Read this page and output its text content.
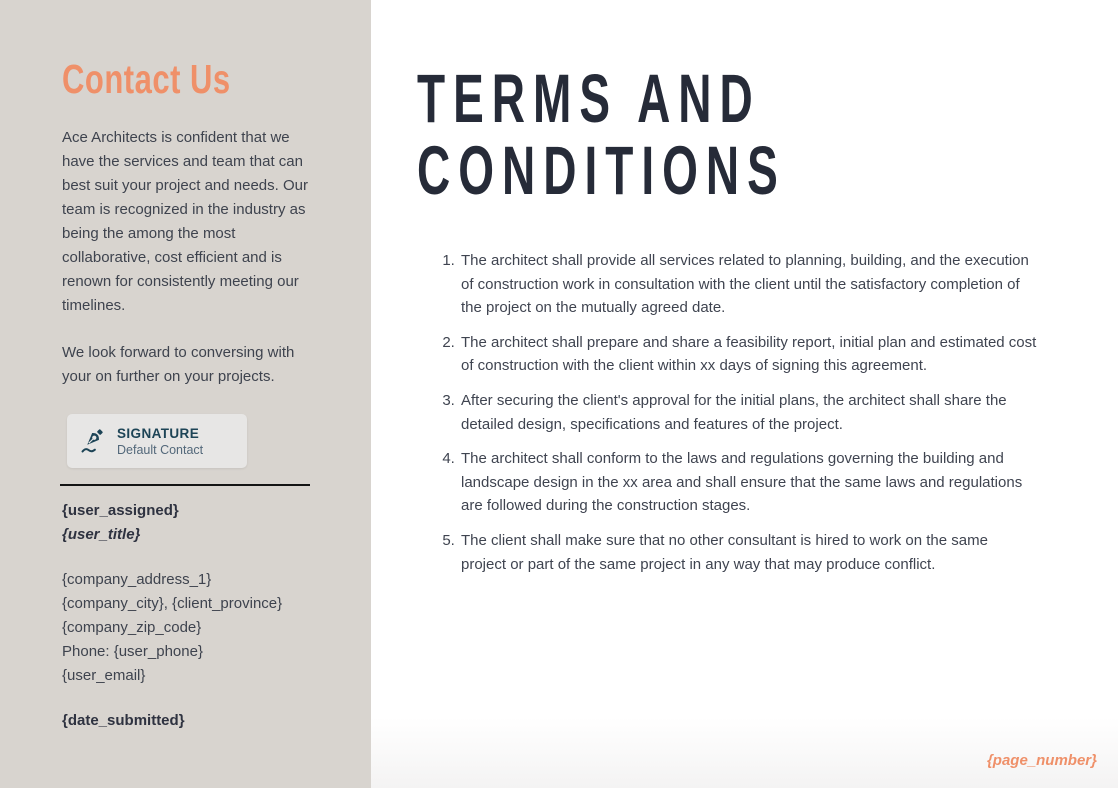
Contact Us

Ace Architects is confident that we have the services and team that can best suit your project and needs. Our team is recognized in the industry as being the among the most collaborative, cost efficient and is renown for consistently meeting our timelines.

We look forward to conversing with your on further on your projects.

SIGNATURE
Default Contact
{user_assigned}
{user_title}
{company_address_1}
{company_city}, {client_province}
{company_zip_code}
Phone: {user_phone}
{user_email}
{date_submitted}
TERMS AND
CONDITIONS
1. The architect shall provide all services related to planning, building, and the execution of construction work in consultation with the client until the satisfactory completion of the project on the mutually agreed date.
2. The architect shall prepare and share a feasibility report, initial plan and estimated cost of construction with the client within xx days of signing this agreement.
3. After securing the client's approval for the initial plans, the architect shall share the detailed design, specifications and features of the project.
4. The architect shall conform to the laws and regulations governing the building and landscape design in the xx area and shall ensure that the same laws and regulations are followed during the construction stages.
5. The client shall make sure that no other consultant is hired to work on the same project or part of the same project in any way that may produce conflict.
{page_number}
